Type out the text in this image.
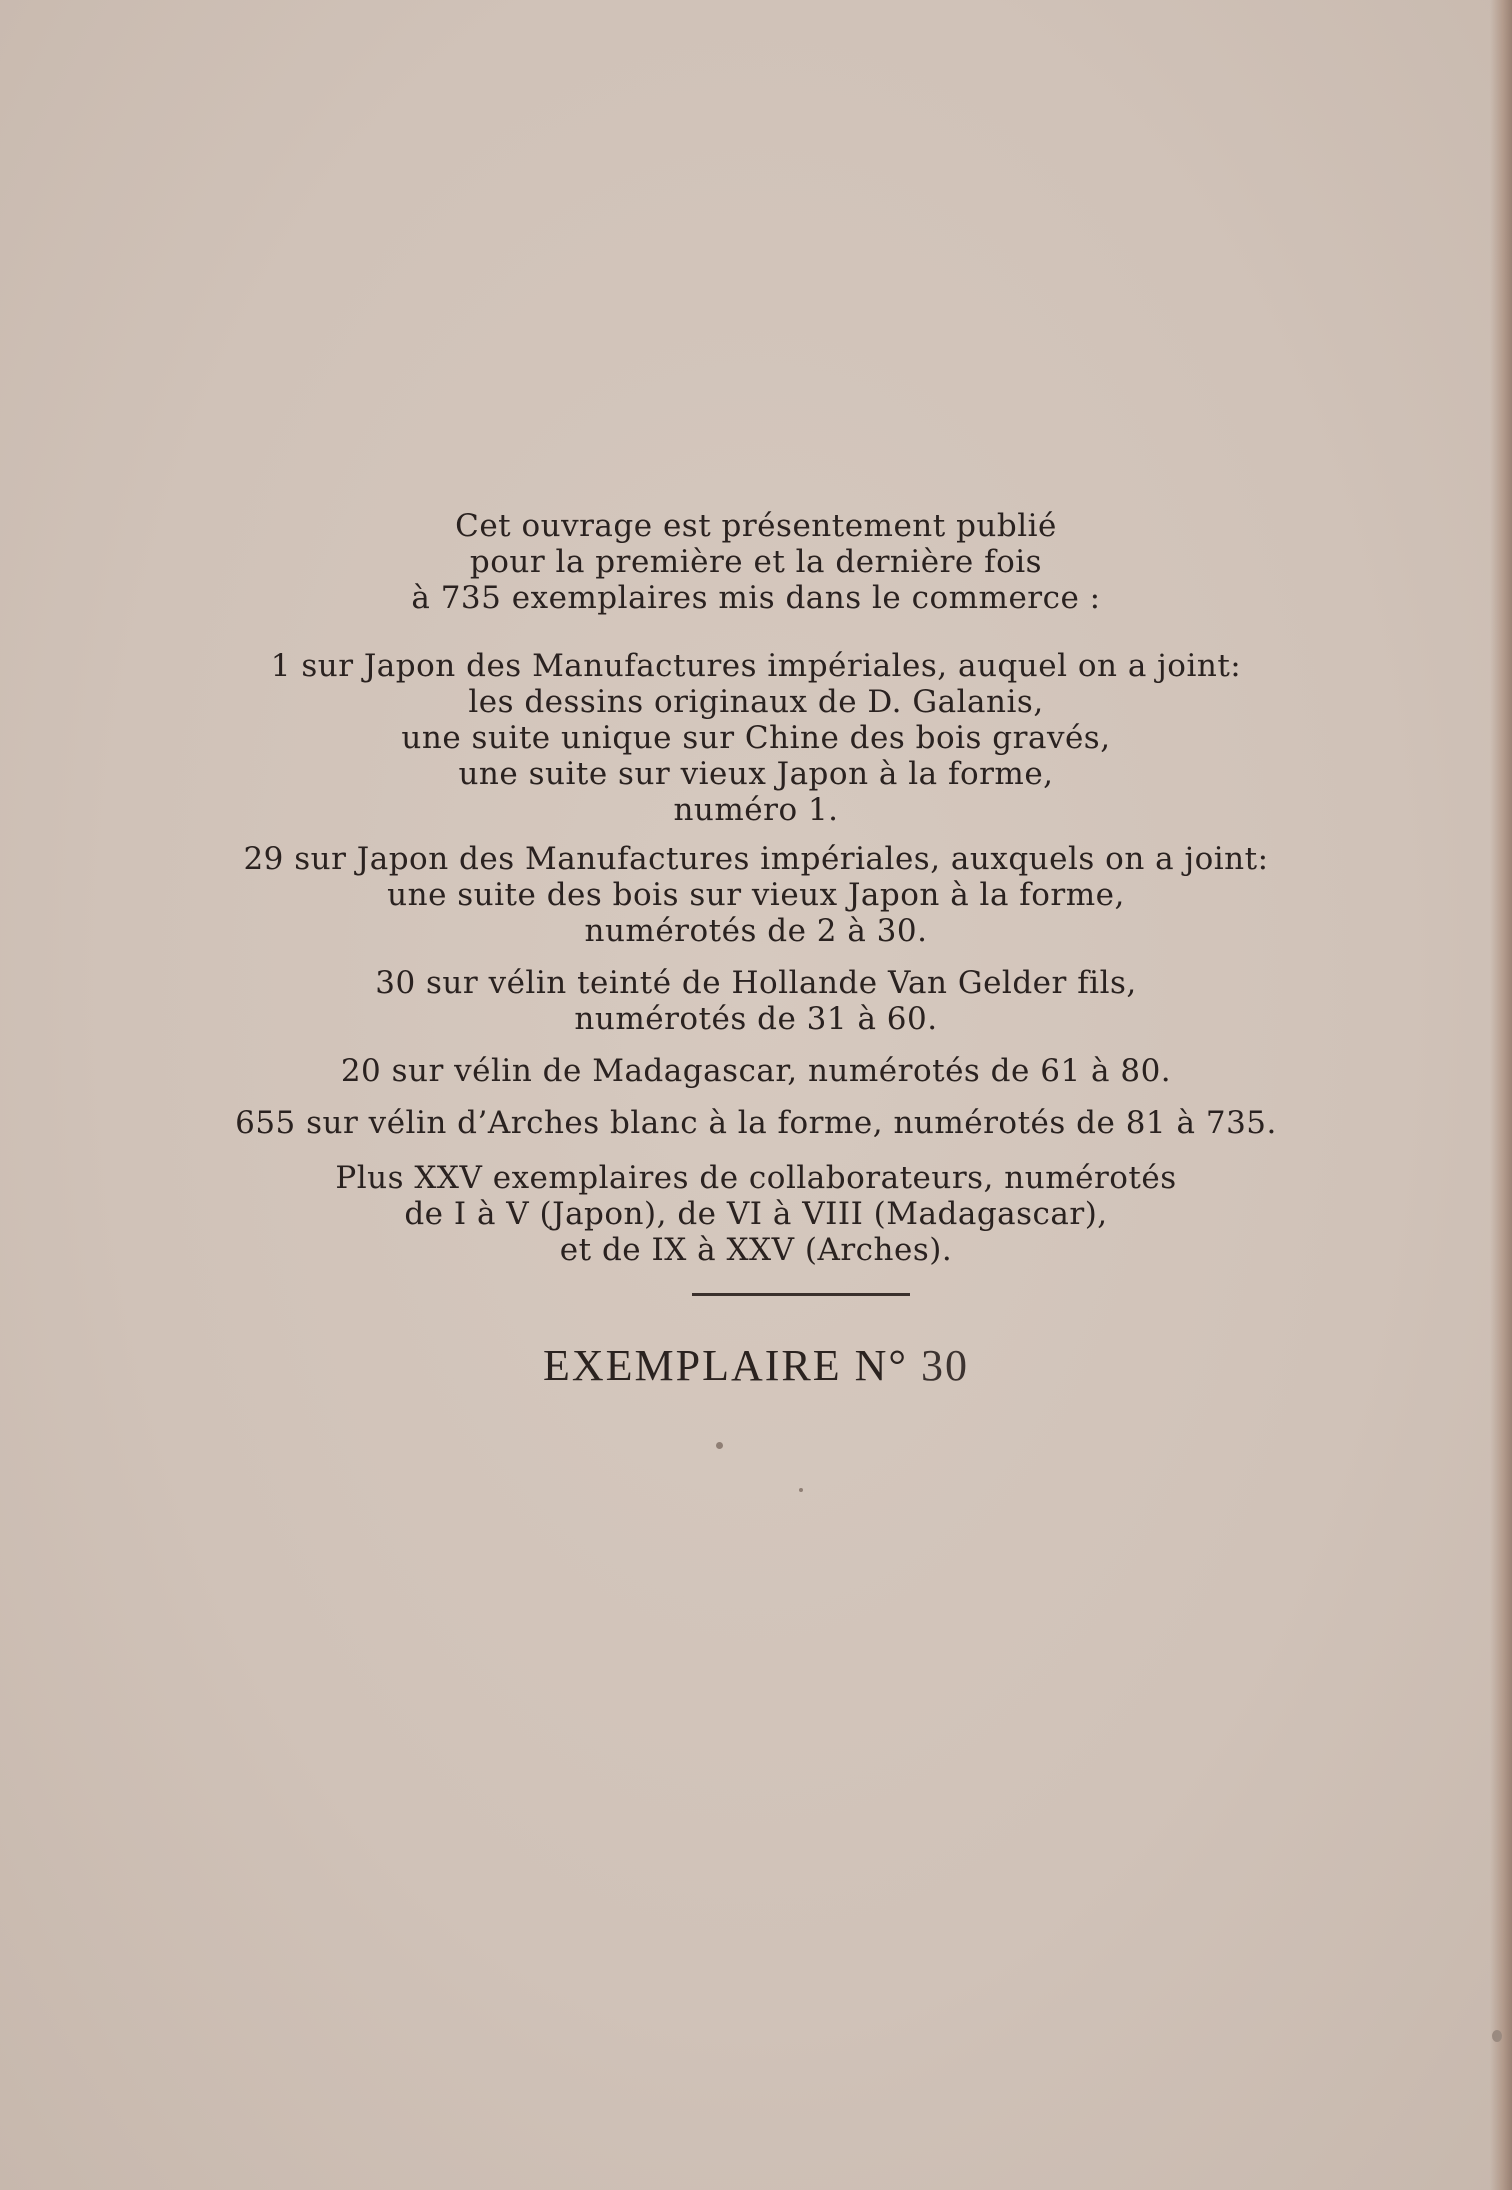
Cet ouvrage est présentement publié
pour la première et la dernière fois
à 735 exemplaires mis dans le commerce :
1 sur Japon des Manufactures impériales, auquel on a joint:
les dessins originaux de D. Galanis,
une suite unique sur Chine des bois gravés,
une suite sur vieux Japon à la forme,
numéro 1.
29 sur Japon des Manufactures impériales, auxquels on a joint:
une suite des bois sur vieux Japon à la forme,
numérotés de 2 à 30.
30 sur vélin teinté de Hollande Van Gelder fils,
numérotés de 31 à 60.
20 sur vélin de Madagascar, numérotés de 61 à 80.
655 sur vélin d’Arches blanc à la forme, numérotés de 81 à 735.
Plus XXV exemplaires de collaborateurs, numérotés
de I à V (Japon), de VI à VIII (Madagascar),
et de IX à XXV (Arches).
EXEMPLAIRE N° 30
